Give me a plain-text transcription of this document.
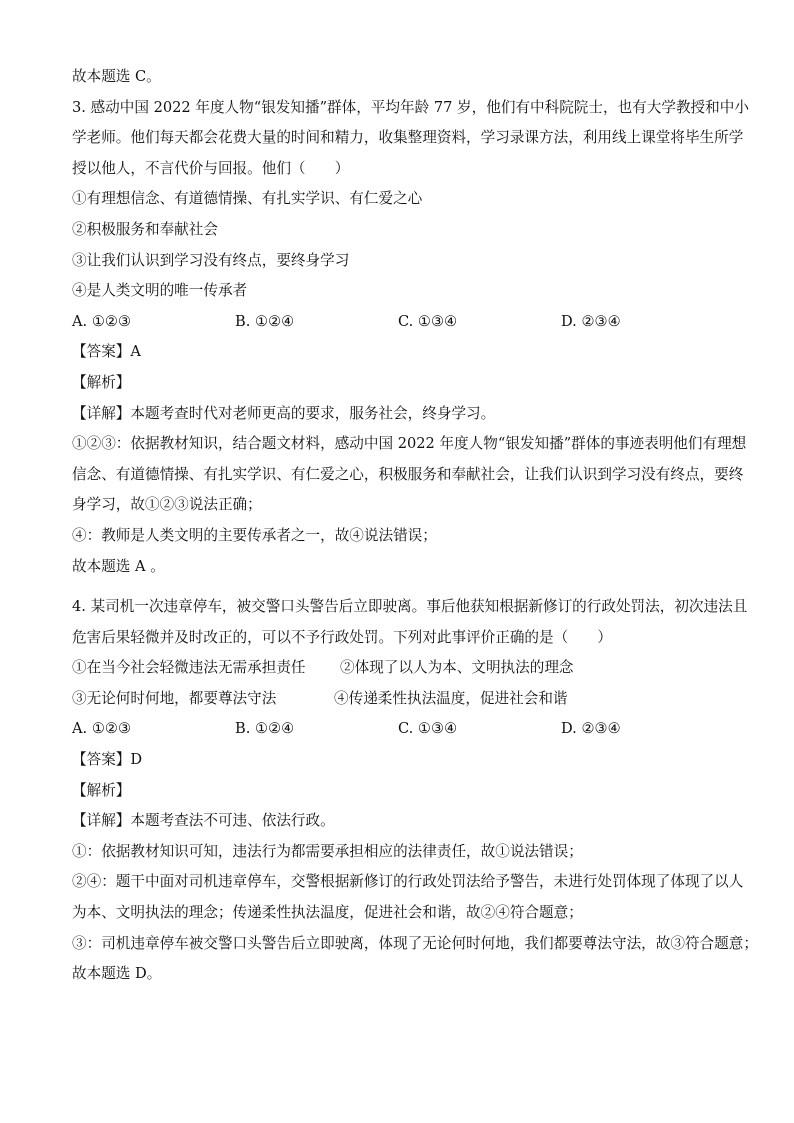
故本题选 C。
3. 感动中国 2022 年度人物“银发知播”群体，平均年龄 77 岁，他们有中科院院士，也有大学教授和中小
学老师。他们每天都会花费大量的时间和精力，收集整理资料，学习录课方法，利用线上课堂将毕生所学
授以他人，不言代价与回报。他们（　　）
①有理想信念、有道德情操、有扎实学识、有仁爱之心
②积极服务和奉献社会
③让我们认识到学习没有终点，要终身学习
④是人类文明的唯一传承者
A. ①②③	B. ①②④	C. ①③④	D. ②③④
【答案】A
【解析】
【详解】本题考查时代对老师更高的要求，服务社会，终身学习。
①②③：依据教材知识，结合题文材料，感动中国 2022 年度人物“银发知播”群体的事迹表明他们有理想
信念、有道德情操、有扎实学识、有仁爱之心，积极服务和奉献社会，让我们认识到学习没有终点，要终
身学习，故①②③说法正确；
④：教师是人类文明的主要传承者之一，故④说法错误；
故本题选 A 。
4. 某司机一次违章停车，被交警口头警告后立即驶离。事后他获知根据新修订的行政处罚法，初次违法且
危害后果轻微并及时改正的，可以不予行政处罚。下列对此事评价正确的是（　　）
①在当今社会轻微违法无需承担责任	②体现了以人为本、文明执法的理念
③无论何时何地，都要尊法守法	④传递柔性执法温度，促进社会和谐
A. ①②③	B. ①②④	C. ①③④	D. ②③④
【答案】D
【解析】
【详解】本题考查法不可违、依法行政。
①：依据教材知识可知，违法行为都需要承担相应的法律责任，故①说法错误；
②④：题干中面对司机违章停车，交警根据新修订的行政处罚法给予警告，未进行处罚体现了体现了以人
为本、文明执法的理念；传递柔性执法温度，促进社会和谐，故②④符合题意；
③：司机违章停车被交警口头警告后立即驶离，体现了无论何时何地，我们都要尊法守法，故③符合题意；
故本题选 D。
